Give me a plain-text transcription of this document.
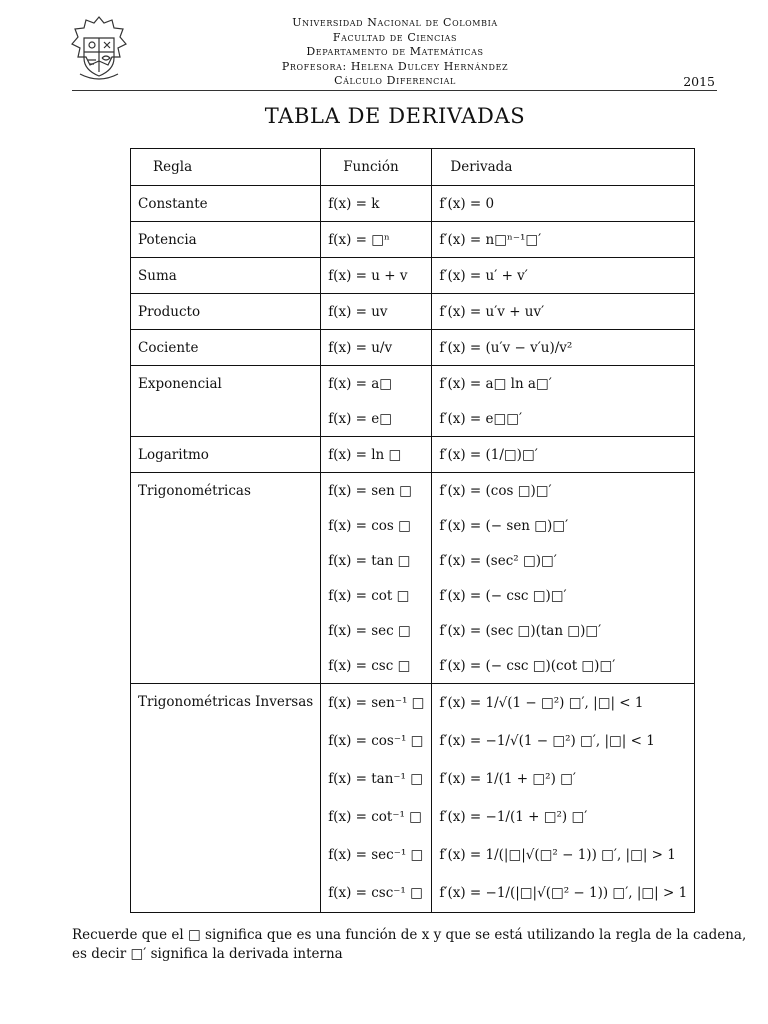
Universidad Nacional de Colombia
Facultad de Ciencias
Departamento de Matemáticas
Profesora: Helena Dulcey Hernández
Cálculo Diferencial	2015
TABLA DE DERIVADAS
Regla	Función	Derivada
Constante	f(x) = k	f′(x) = 0
Potencia	f(x) = □ⁿ	f′(x) = n□ⁿ⁻¹□′
Suma	f(x) = u + v	f′(x) = u′ + v′
Producto	f(x) = uv	f′(x) = u′v + uv′
Cociente	f(x) = u/v	f′(x) = (u′v − v′u)/v²
Exponencial	f(x) = a□	f′(x) = a□ ln a□′
	f(x) = e□	f′(x) = e□□′
Logaritmo	f(x) = ln □	f′(x) = (1/□)□′
Trigonométricas	f(x) = sen □	f′(x) = (cos □)□′
	f(x) = cos □	f′(x) = (− sen □)□′
	f(x) = tan □	f′(x) = (sec² □)□′
	f(x) = cot □	f′(x) = (− csc □)□′
	f(x) = sec □	f′(x) = (sec □)(tan □)□′
	f(x) = csc □	f′(x) = (− csc □)(cot □)□′
Trigonométricas Inversas	f(x) = sen⁻¹ □	f′(x) = 1/√(1 − □²) □′, |□| < 1
	f(x) = cos⁻¹ □	f′(x) = −1/√(1 − □²) □′, |□| < 1
	f(x) = tan⁻¹ □	f′(x) = 1/(1 + □²) □′
	f(x) = cot⁻¹ □	f′(x) = −1/(1 + □²) □′
	f(x) = sec⁻¹ □	f′(x) = 1/(|□|√(□² − 1)) □′, |□| > 1
	f(x) = csc⁻¹ □	f′(x) = −1/(|□|√(□² − 1)) □′, |□| > 1
Recuerde que el □ significa que es una función de x y que se está utilizando la regla de la cadena,
es decir □′ significa la derivada interna
